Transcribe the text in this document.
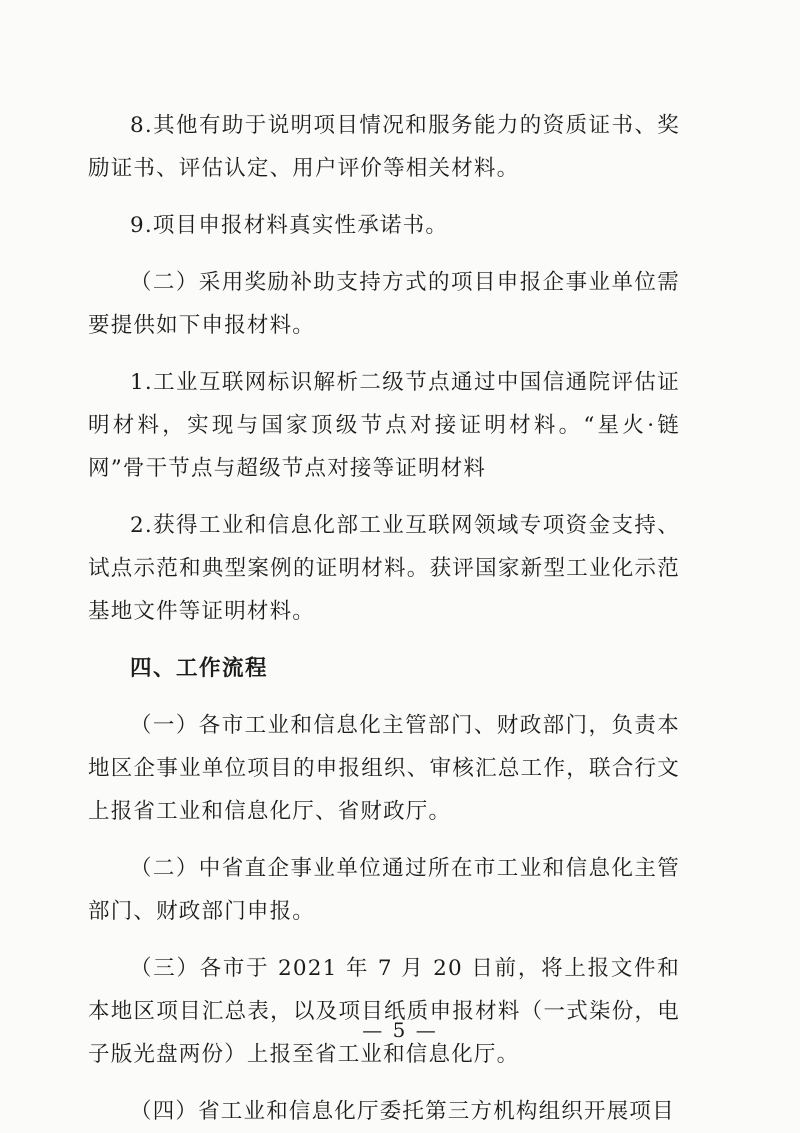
8.其他有助于说明项目情况和服务能力的资质证书、奖励证书、评估认定、用户评价等相关材料。

9.项目申报材料真实性承诺书。

（二）采用奖励补助支持方式的项目申报企事业单位需要提供如下申报材料。

1.工业互联网标识解析二级节点通过中国信通院评估证明材料，实现与国家顶级节点对接证明材料。“星火·链网”骨干节点与超级节点对接等证明材料

2.获得工业和信息化部工业互联网领域专项资金支持、试点示范和典型案例的证明材料。获评国家新型工业化示范基地文件等证明材料。

四、工作流程

（一）各市工业和信息化主管部门、财政部门，负责本地区企事业单位项目的申报组织、审核汇总工作，联合行文上报省工业和信息化厅、省财政厅。

（二）中省直企事业单位通过所在市工业和信息化主管部门、财政部门申报。

（三）各市于 2021 年 7 月 20 日前，将上报文件和本地区项目汇总表，以及项目纸质申报材料（一式柒份，电子版光盘两份）上报至省工业和信息化厅。

（四）省工业和信息化厅委托第三方机构组织开展项目

— 5 —
